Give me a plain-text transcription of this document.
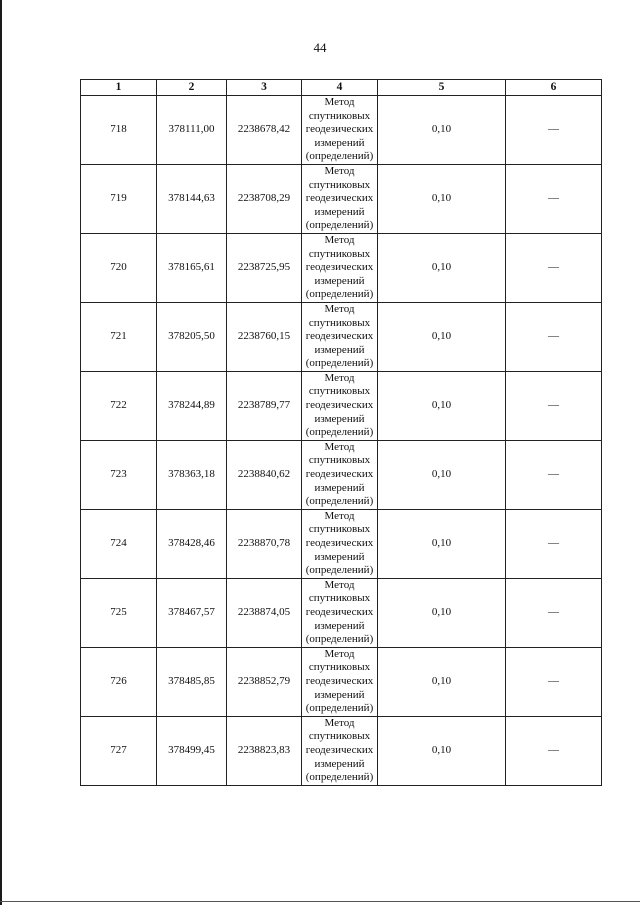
44
1	2	3	4	5	6
718	378111,00	2238678,42	Метод
спутниковых
геодезических
измерений
(определений)	0,10	—
719	378144,63	2238708,29	Метод
спутниковых
геодезических
измерений
(определений)	0,10	—
720	378165,61	2238725,95	Метод
спутниковых
геодезических
измерений
(определений)	0,10	—
721	378205,50	2238760,15	Метод
спутниковых
геодезических
измерений
(определений)	0,10	—
722	378244,89	2238789,77	Метод
спутниковых
геодезических
измерений
(определений)	0,10	—
723	378363,18	2238840,62	Метод
спутниковых
геодезических
измерений
(определений)	0,10	—
724	378428,46	2238870,78	Метод
спутниковых
геодезических
измерений
(определений)	0,10	—
725	378467,57	2238874,05	Метод
спутниковых
геодезических
измерений
(определений)	0,10	—
726	378485,85	2238852,79	Метод
спутниковых
геодезических
измерений
(определений)	0,10	—
727	378499,45	2238823,83	Метод
спутниковых
геодезических
измерений
(определений)	0,10	—
